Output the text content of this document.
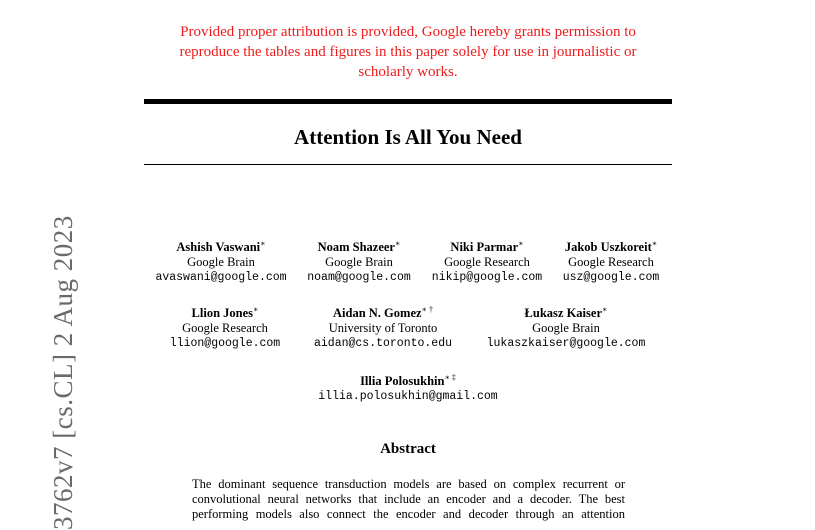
Provided proper attribution is provided, Google hereby grants permission to
reproduce the tables and figures in this paper solely for use in journalistic or
scholarly works.
Attention Is All You Need
3762v7 [cs.CL] 2 Aug 2023	Ashish Vaswani∗
Google Brain
avaswani@google.com
Noam Shazeer∗
Google Brain
noam@google.com
Niki Parmar∗
Google Research
nikip@google.com
Jakob Uszkoreit∗
Google Research
usz@google.com
Llion Jones∗
Google Research
llion@google.com
Aidan N. Gomez∗ †
University of Toronto
aidan@cs.toronto.edu
Łukasz Kaiser∗
Google Brain
lukaszkaiser@google.com
Illia Polosukhin∗ ‡
illia.polosukhin@gmail.com
Abstract
The dominant sequence transduction models are based on complex recurrent or
convolutional neural networks that include an encoder and a decoder. The best
performing models also connect the encoder and decoder through an attention
